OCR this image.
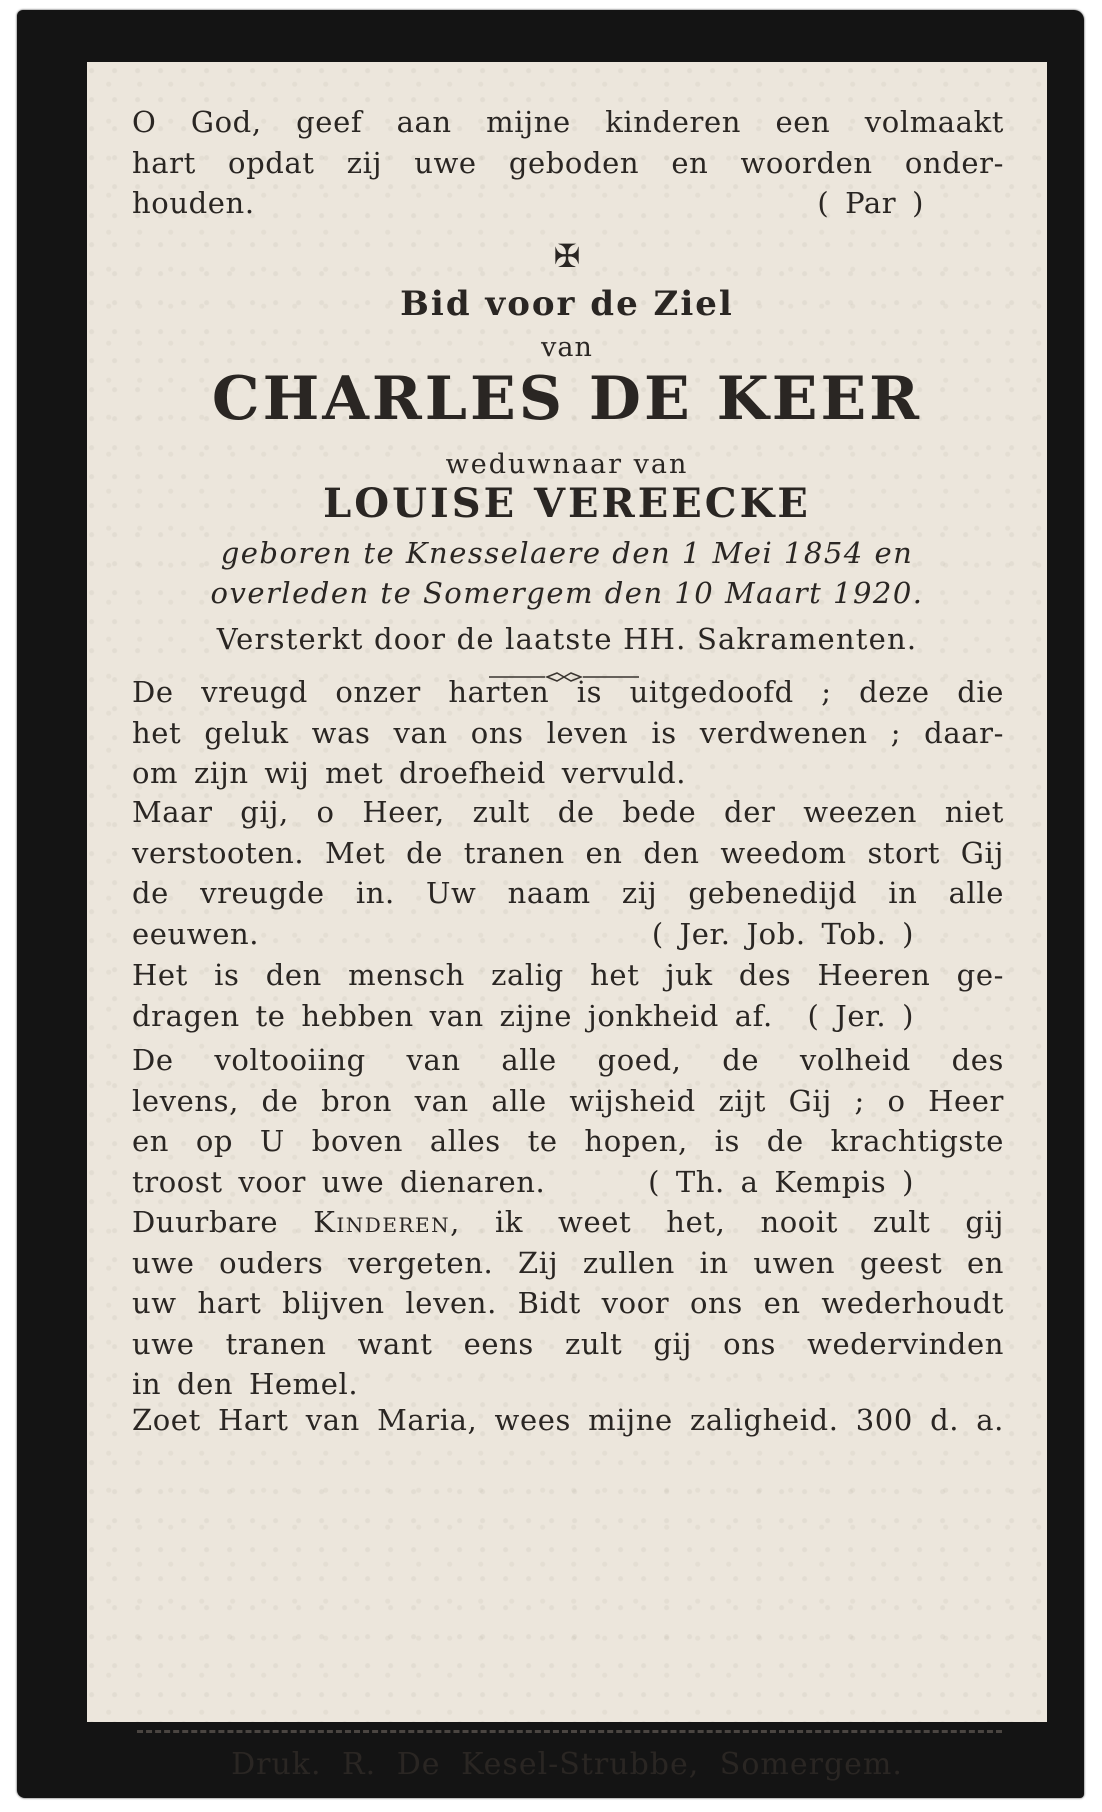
O God, geef aan mijne kinderen een volmaakt
hart opdat zij uwe geboden en woorden onder-
houden.	( Par )

✠

Bid voor de Ziel

van

CHARLES DE KEER

weduwnaar van

LOUISE VEREECKE

geboren te Knesselaere den 1 Mei 1854 en

overleden te Somergem den 10 Maart 1920.

Versterkt door de laatste HH. Sakramenten.

De vreugd onzer harten is uitgedoofd ; deze die
het geluk was van ons leven is verdwenen ; daar-
om zijn wij met droefheid vervuld.
Maar gij, o Heer, zult de bede der weezen niet
verstooten. Met de tranen en den weedom stort Gij
de vreugde in. Uw naam zij gebenedijd in alle
eeuwen.	( Jer. Job. Tob. )
Het is den mensch zalig het juk des Heeren ge-
dragen te hebben van zijne jonkheid af. ( Jer. )
De voltooiing van alle goed, de volheid des
levens, de bron van alle wijsheid zijt Gij ; o Heer
en op U boven alles te hopen, is de krachtigste
troost voor uwe dienaren.	( Th. a Kempis )
Duurbare Kinderen, ik weet het, nooit zult gij
uwe ouders vergeten. Zij zullen in uwen geest en
uw hart blijven leven. Bidt voor ons en wederhoudt
uwe tranen want eens zult gij ons wedervinden
in den Hemel.
Zoet Hart van Maria, wees mijne zaligheid. 300 d. a.

Druk. R. De Kesel-Strubbe, Somergem.
